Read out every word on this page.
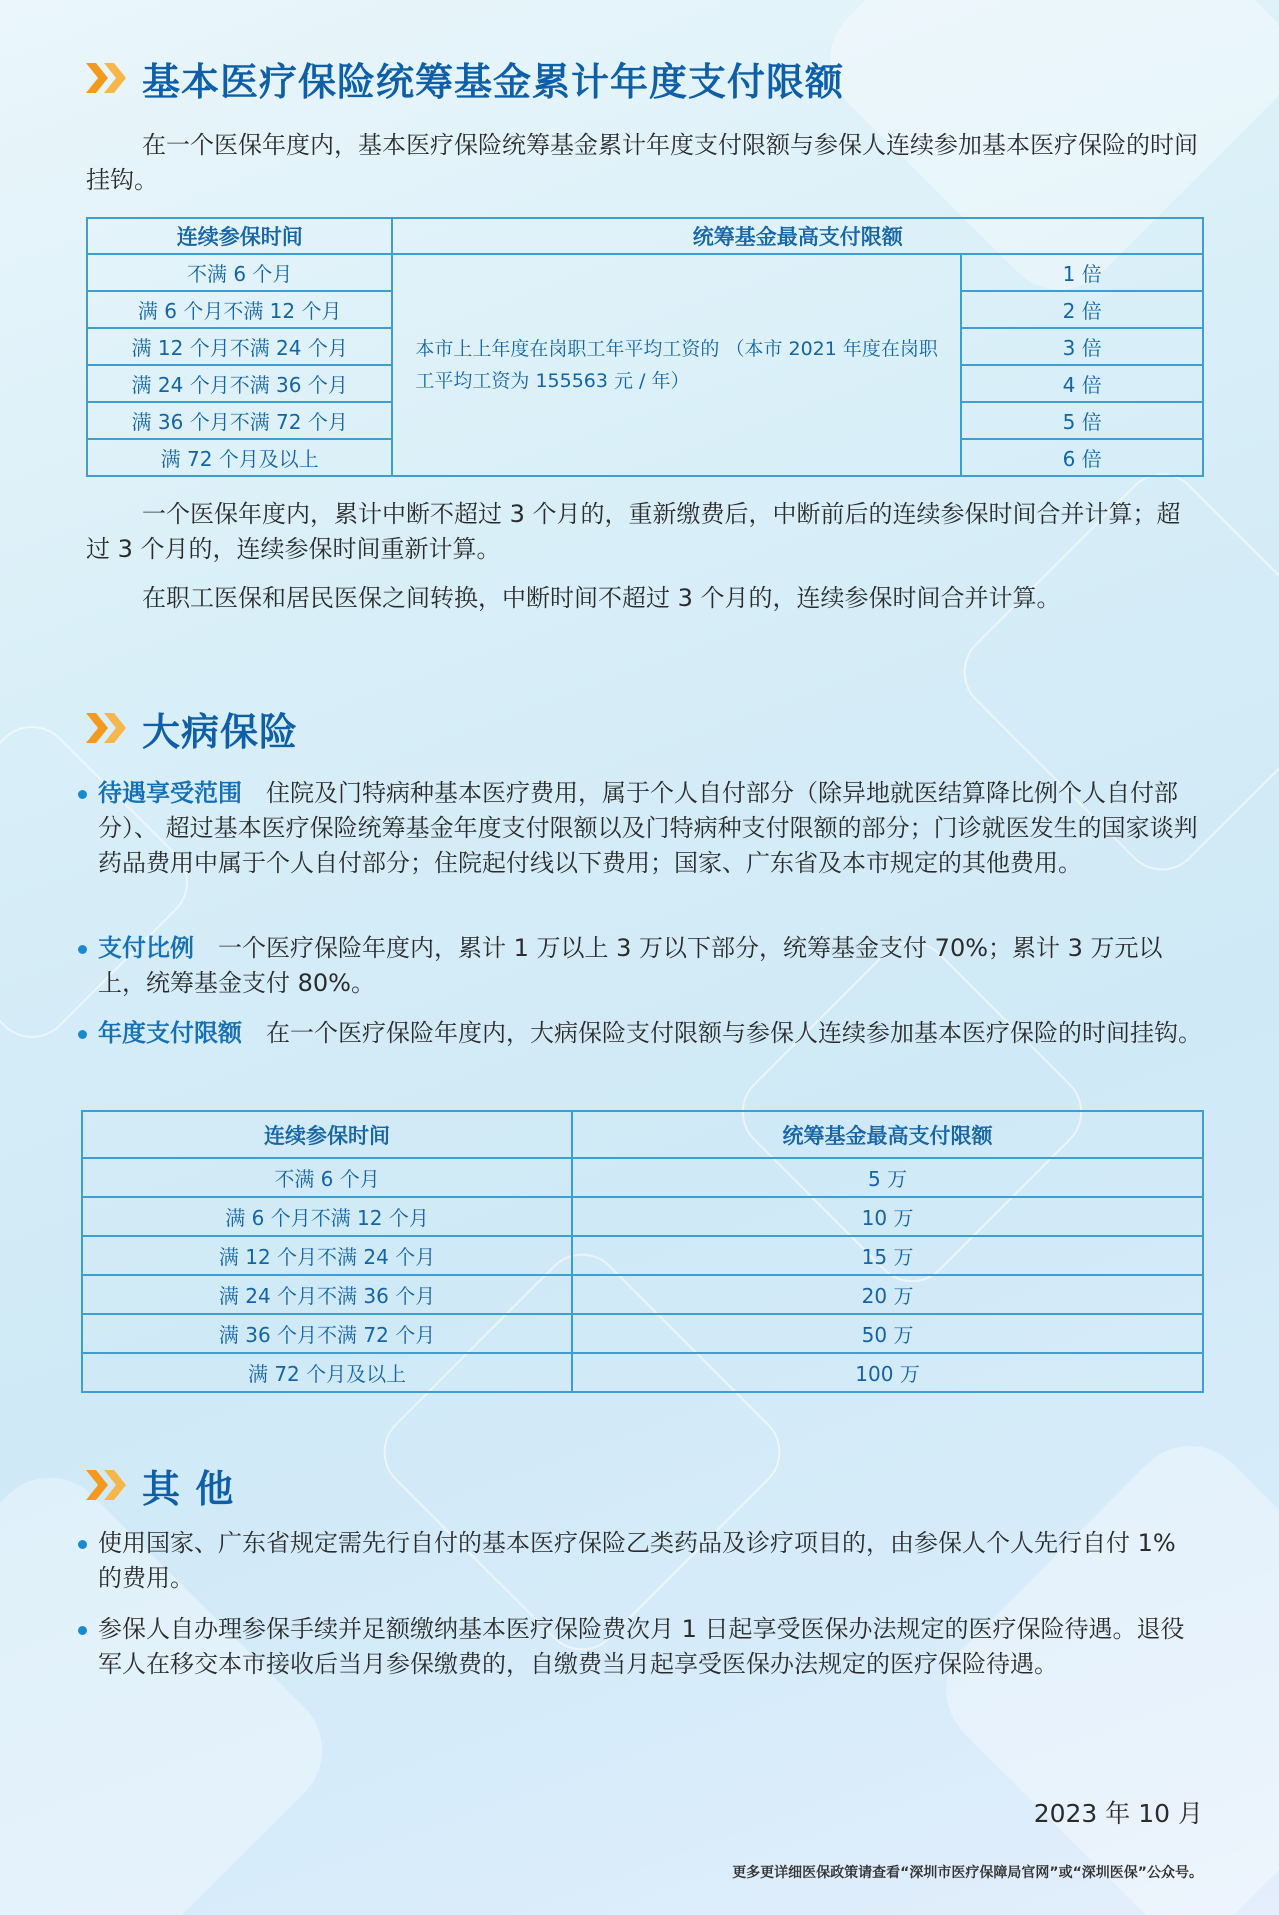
基本医疗保险统筹基金累计年度支付限额

在一个医保年度内，基本医疗保险统筹基金累计年度支付限额与参保人连续参加基本医疗保险的时间挂钩。

连续参保时间	统筹基金最高支付限额	
不满 6 个月	本市上上年度在岗职工年平均工资的 （本市 2021 年度在岗职工平均工资为 155563 元 / 年）	1 倍
满 6 个月不满 12 个月		2 倍
满 12 个月不满 24 个月		3 倍
满 24 个月不满 36 个月		4 倍
满 36 个月不满 72 个月		5 倍
满 72 个月及以上		6 倍

一个医保年度内，累计中断不超过 3 个月的，重新缴费后，中断前后的连续参保时间合并计算；超过 3 个月的，连续参保时间重新计算。

在职工医保和居民医保之间转换，中断时间不超过 3 个月的，连续参保时间合并计算。

大病保险

待遇享受范围 住院及门特病种基本医疗费用，属于个人自付部分（除异地就医结算降比例个人自付部分）、 超过基本医疗保险统筹基金年度支付限额以及门特病种支付限额的部分；门诊就医发生的国家谈判药品费用中属于个人自付部分；住院起付线以下费用；国家、广东省及本市规定的其他费用。

支付比例 一个医疗保险年度内，累计 1 万以上 3 万以下部分，统筹基金支付 70%；累计 3 万元以上，统筹基金支付 80%。

年度支付限额 在一个医疗保险年度内，大病保险支付限额与参保人连续参加基本医疗保险的时间挂钩。

连续参保时间	统筹基金最高支付限额
不满 6 个月	5 万
满 6 个月不满 12 个月	10 万
满 12 个月不满 24 个月	15 万
满 24 个月不满 36 个月	20 万
满 36 个月不满 72 个月	50 万
满 72 个月及以上	100 万
其 他

使用国家、广东省规定需先行自付的基本医疗保险乙类药品及诊疗项目的，由参保人个人先行自付 1% 的费用。

参保人自办理参保手续并足额缴纳基本医疗保险费次月 1 日起享受医保办法规定的医疗保险待遇。退役军人在移交本市接收后当月参保缴费的，自缴费当月起享受医保办法规定的医疗保险待遇。

2023 年 10 月
更多更详细医保政策请查看“深圳市医疗保障局官网”或“深圳医保”公众号。
